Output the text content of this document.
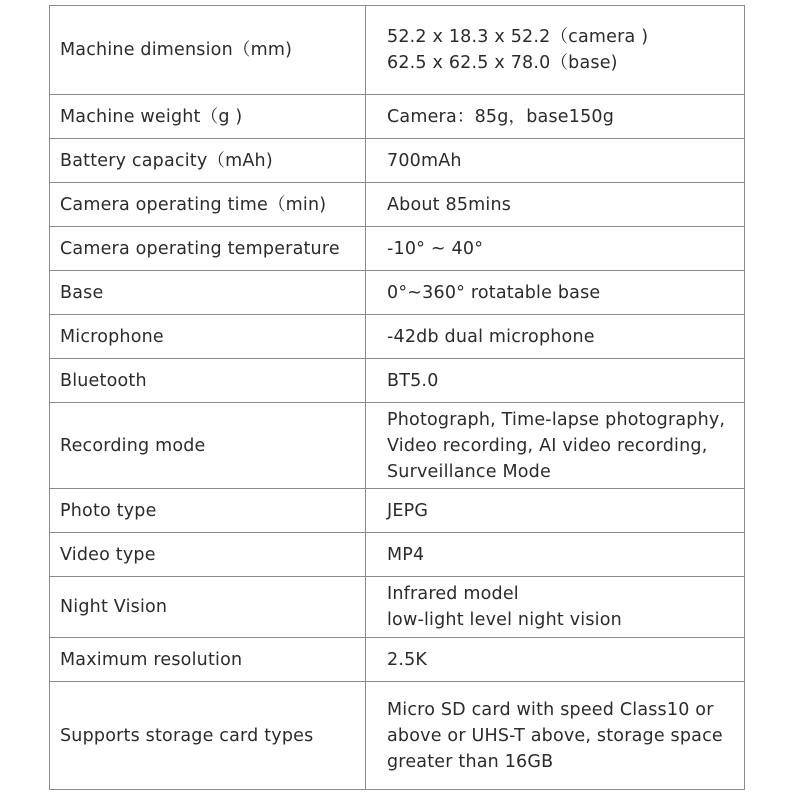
Machine dimension（mm)	52.2 x 18.3 x 52.2（camera )
62.5 x 62.5 x 78.0（base)

Machine weight（g )	Camera：85g，base150g

Battery capacity（mAh)	700mAh

Camera operating time（min)	About 85mins

Camera operating temperature	-10° ~ 40°

Base	0°~360° rotatable base

Microphone	-42db dual microphone

Bluetooth	BT5.0

Recording mode	Photograph, Time-lapse photography,
Video recording, AI video recording,
Surveillance Mode

Photo type	JEPG

Video type	MP4

Night Vision	Infrared model
low-light level night vision

Maximum resolution	2.5K

Supports storage card types	Micro SD card with speed Class10 or
above or UHS-T above, storage space
greater than 16GB
